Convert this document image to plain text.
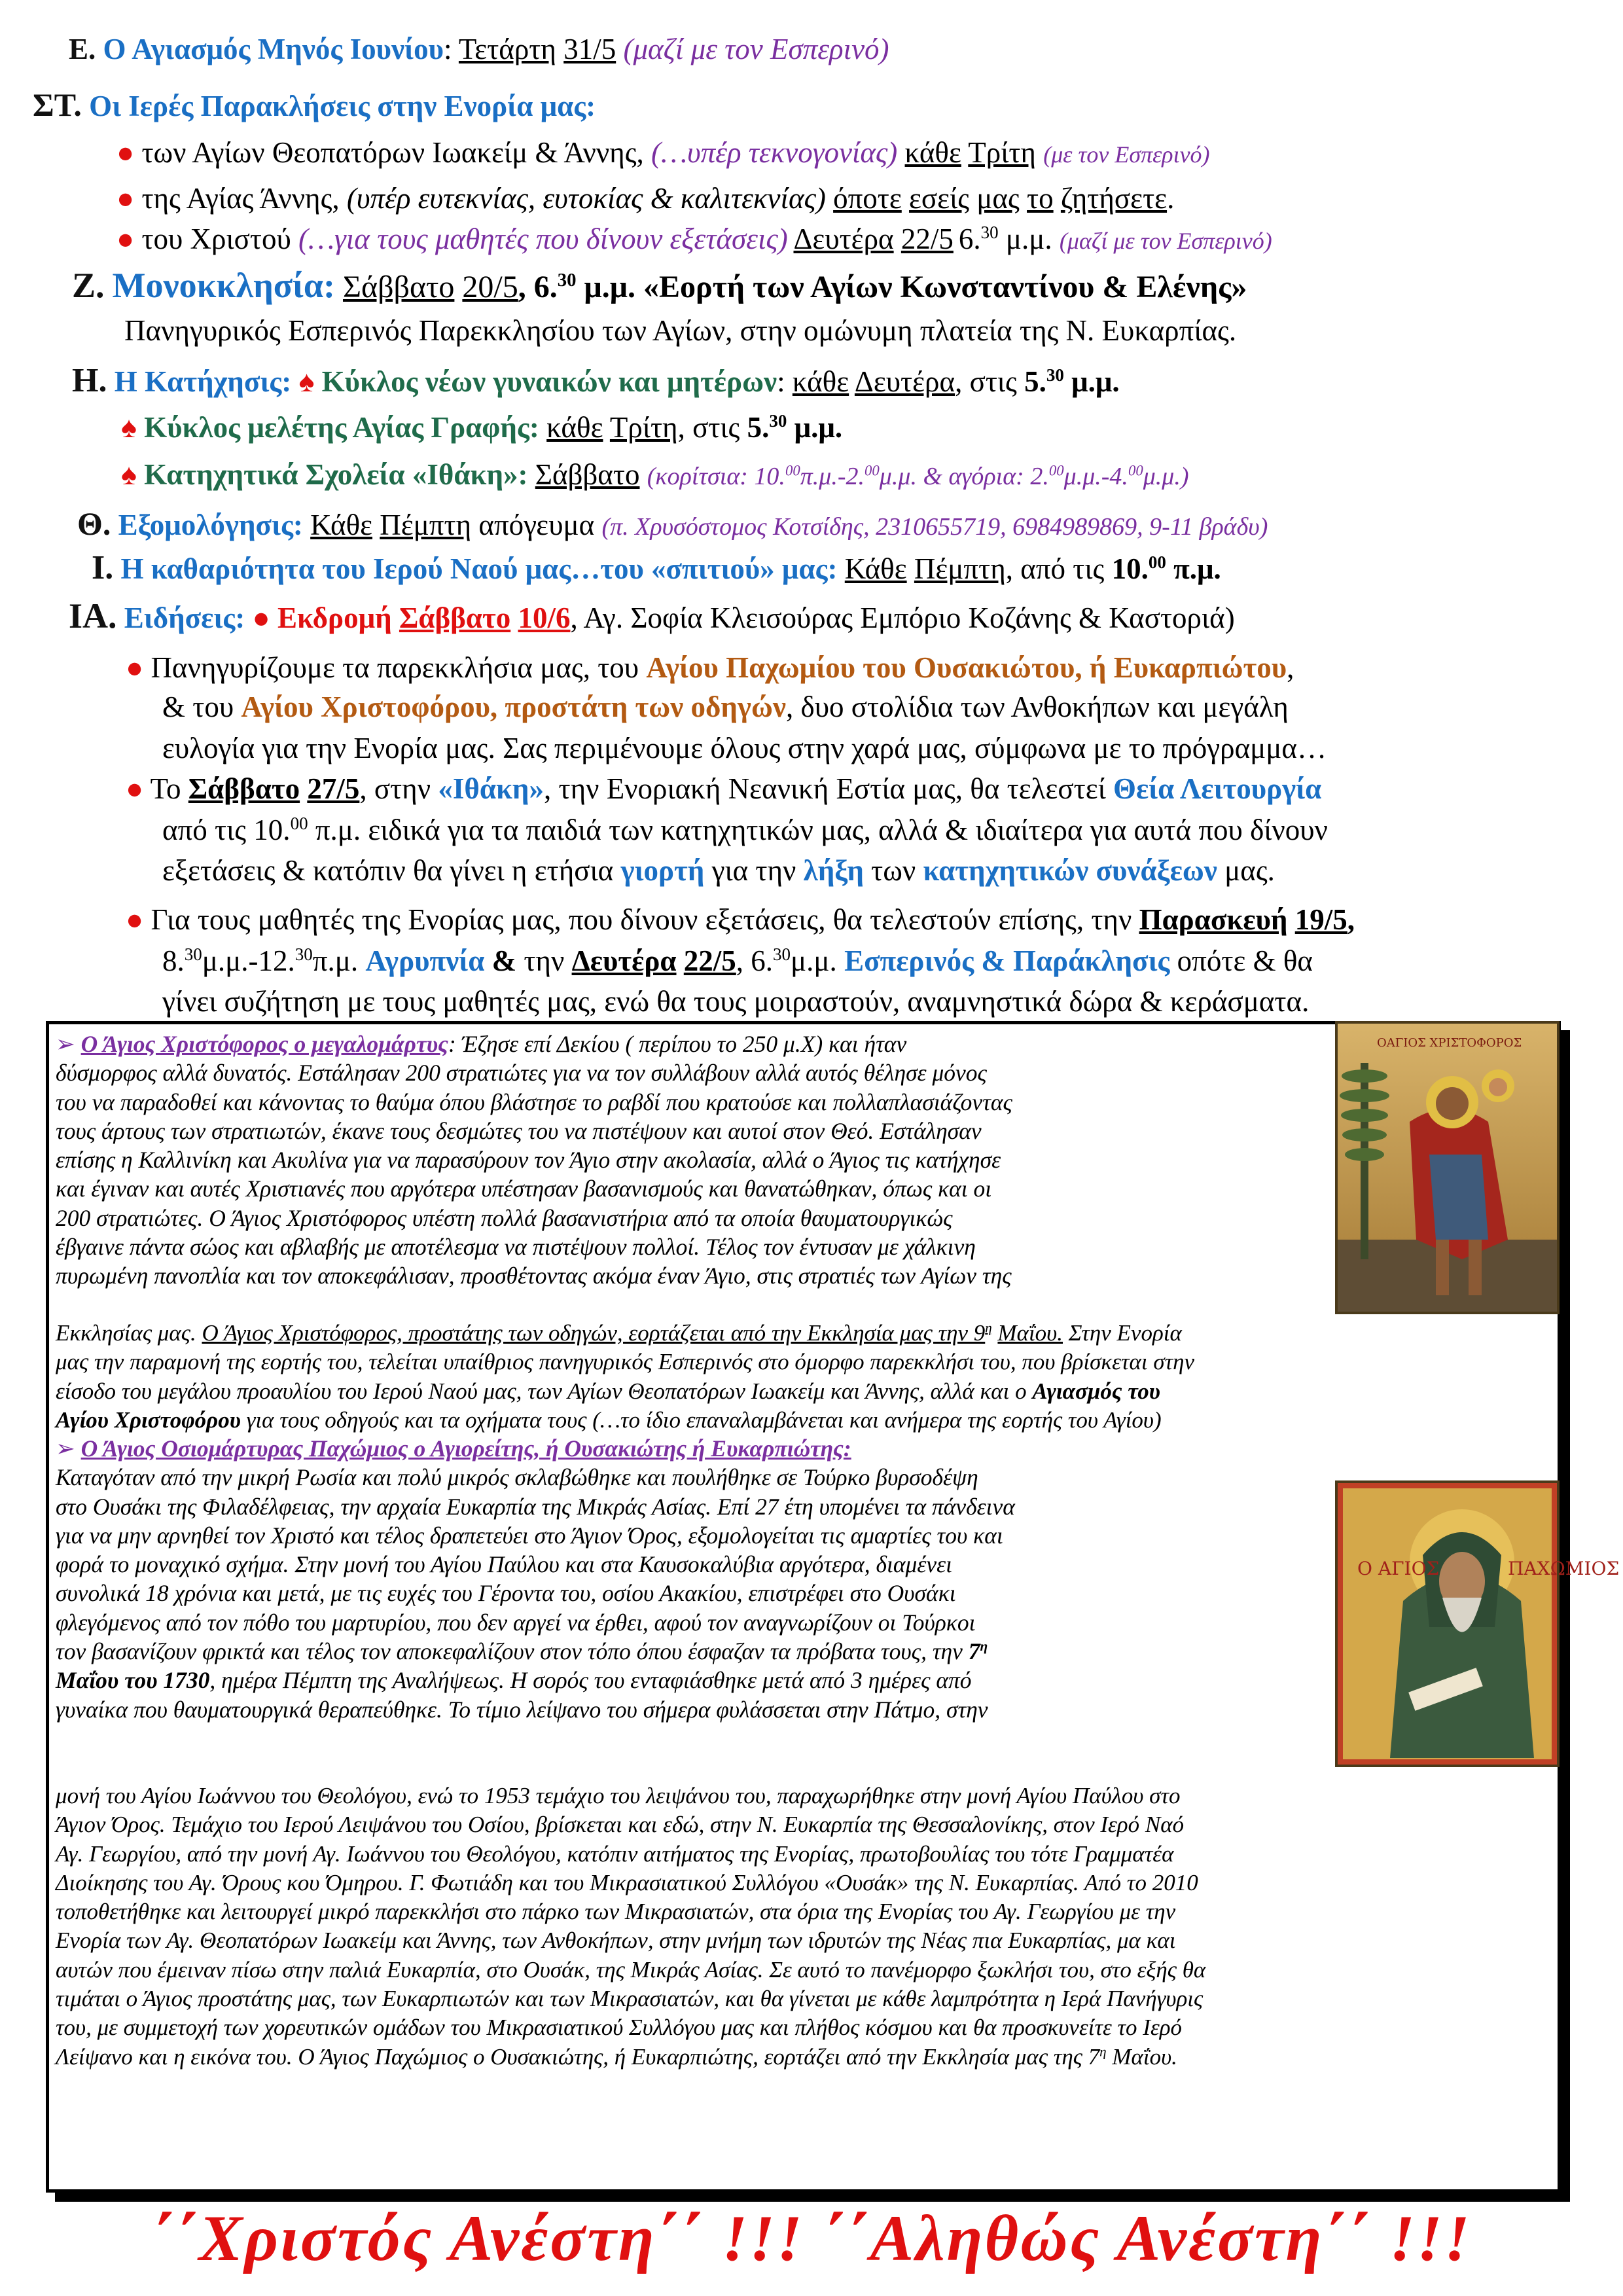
Ε. Ο Αγιασμός Μηνός Ιουνίου: Τετάρτη 31/5 (μαζί με τον Εσπερινό)
ΣΤ. Οι Ιερές Παρακλήσεις στην Ενορία μας:
● των Αγίων Θεοπατόρων Ιωακείμ & Άννης, (…υπέρ τεκνογονίας) κάθε Τρίτη (με τον Εσπερινό)
● της Αγίας Άννης, (υπέρ ευτεκνίας, ευτοκίας & καλιτεκνίας) όποτε εσείς μας το ζητήσετε.
● του Χριστού (…για τους μαθητές που δίνουν εξετάσεις) Δευτέρα 22/5 6.30 μ.μ. (μαζί με τον Εσπερινό)
Ζ. Μονοκκλησία: Σάββατο 20/5, 6.30 μ.μ. «Εορτή των Αγίων Κωνσταντίνου & Ελένης»
Πανηγυρικός Εσπερινός Παρεκκλησίου των Αγίων, στην ομώνυμη πλατεία της Ν. Ευκαρπίας.
Η. Η Κατήχησις: ♠ Κύκλος νέων γυναικών και μητέρων: κάθε Δευτέρα, στις 5.30 μ.μ.
♠ Κύκλος μελέτης Αγίας Γραφής: κάθε Τρίτη, στις 5.30 μ.μ.
♠ Κατηχητικά Σχολεία «Ιθάκη»: Σάββατο (κορίτσια: 10.00π.μ.-2.00μ.μ. & αγόρια: 2.00μ.μ.-4.00μ.μ.)
Θ. Εξομολόγησις: Κάθε Πέμπτη απόγευμα (π. Χρυσόστομος Κοτσίδης, 2310655719, 6984989869, 9-11 βράδυ)
Ι. Η καθαριότητα του Ιερού Ναού μας…του «σπιτιού» μας: Κάθε Πέμπτη, από τις 10.00 π.μ.
ΙΑ. Ειδήσεις: ● Εκδρομή Σάββατο 10/6, Αγ. Σοφία Κλεισούρας Εμπόριο Κοζάνης & Καστοριά)
● Πανηγυρίζουμε τα παρεκκλήσια μας, του Αγίου Παχωμίου του Ουσακιώτου, ή Ευκαρπιώτου,
& του Αγίου Χριστοφόρου, προστάτη των οδηγών, δυο στολίδια των Ανθοκήπων και μεγάλη
ευλογία για την Ενορία μας. Σας περιμένουμε όλους στην χαρά μας, σύμφωνα με το πρόγραμμα…
● Το Σάββατο 27/5, στην «Ιθάκη», την Ενοριακή Νεανική Εστία μας, θα τελεστεί Θεία Λειτουργία
από τις 10.00 π.μ. ειδικά για τα παιδιά των κατηχητικών μας, αλλά & ιδιαίτερα για αυτά που δίνουν
εξετάσεις & κατόπιν θα γίνει η ετήσια γιορτή για την λήξη των κατηχητικών συνάξεων μας.
● Για τους μαθητές της Ενορίας μας, που δίνουν εξετάσεις, θα τελεστούν επίσης, την Παρασκευή 19/5,
8.30μ.μ.-12.30π.μ. Αγρυπνία & την Δευτέρα 22/5, 6.30μ.μ. Εσπερινός & Παράκλησις οπότε & θα
γίνει συζήτηση με τους μαθητές μας, ενώ θα τους μοιραστούν, αναμνηστικά δώρα & κεράσματα.
ΟΑΓΙΟΣ ΧΡΙΣΤΟΦΟΡΟΣ
Ο ΑΓΙΟΣ	ΠΑΧΩΜΙΟΣ
➢ Ο Άγιος Χριστόφορος ο μεγαλομάρτυς: Έζησε επί Δεκίου ( περίπου το 250 μ.Χ) και ήταν
δύσμορφος αλλά δυνατός. Εστάλησαν 200 στρατιώτες για να τον συλλάβουν αλλά αυτός θέλησε μόνος
του να παραδοθεί και κάνοντας το θαύμα όπου βλάστησε το ραβδί που κρατούσε και πολλαπλασιάζοντας
τους άρτους των στρατιωτών, έκανε τους δεσμώτες του να πιστέψουν και αυτοί στον Θεό. Εστάλησαν
επίσης η Καλλινίκη και Ακυλίνα για να παρασύρουν τον Άγιο στην ακολασία, αλλά ο Άγιος τις κατήχησε
και έγιναν και αυτές Χριστιανές που αργότερα υπέστησαν βασανισμούς και θανατώθηκαν, όπως και οι
200 στρατιώτες. Ο Άγιος Χριστόφορος υπέστη πολλά βασανιστήρια από τα οποία θαυματουργικώς
έβγαινε πάντα σώος και αβλαβής με αποτέλεσμα να πιστέψουν πολλοί. Τέλος τον έντυσαν με χάλκινη
πυρωμένη πανοπλία και τον αποκεφάλισαν, προσθέτοντας ακόμα έναν Άγιο, στις στρατιές των Αγίων της
Εκκλησίας μας. Ο Άγιος Χριστόφορος, προστάτης των οδηγών, εορτάζεται από την Εκκλησία μας την $9^\eta$ Μαΐου. Στην Ενορία
μας την παραμονή της εορτής του, τελείται υπαίθριος πανηγυρικός Εσπερινός στο όμορφο παρεκκλήσι του, που βρίσκεται στην
είσοδο του μεγάλου προαυλίου του Ιερού Ναού μας, των Αγίων Θεοπατόρων Ιωακείμ και Άννης, αλλά και ο Αγιασμός του
Αγίου Χριστοφόρου για τους οδηγούς και τα οχήματα τους (…το ίδιο επαναλαμβάνεται και ανήμερα της εορτής του Αγίου)
➢ Ο Άγιος Οσιομάρτυρας Παχώμιος ο Αγιορείτης, ή Ουσακιώτης ή Ευκαρπιώτης:
Καταγόταν από την μικρή Ρωσία και πολύ μικρός σκλαβώθηκε και πουλήθηκε σε Τούρκο βυρσοδέψη
στο Ουσάκι της Φιλαδέλφειας, την αρχαία Ευκαρπία της Μικράς Ασίας. Επί 27 έτη υπομένει τα πάνδεινα
για να μην αρνηθεί τον Χριστό και τέλος δραπετεύει στο Άγιον Όρος, εξομολογείται τις αμαρτίες του και
φορά το μοναχικό σχήμα. Στην μονή του Αγίου Παύλου και στα Καυσοκαλύβια αργότερα, διαμένει
συνολικά 18 χρόνια και μετά, με τις ευχές του Γέροντα του, οσίου Ακακίου, επιστρέφει στο Ουσάκι
φλεγόμενος από τον πόθο του μαρτυρίου, που δεν αργεί να έρθει, αφού τον αναγνωρίζουν οι Τούρκοι
τον βασανίζουν φρικτά και τέλος τον αποκεφαλίζουν στον τόπο όπου έσφαζαν τα πρόβατα τους, την $7^\eta$
Μαΐου του 1730, ημέρα Πέμπτη της Αναλήψεως. Η σορός του ενταφιάσθηκε μετά από 3 ημέρες από
γυναίκα που θαυματουργικά θεραπεύθηκε. Το τίμιο λείψανο του σήμερα φυλάσσεται στην Πάτμο, στην
μονή του Αγίου Ιωάννου του Θεολόγου, ενώ το 1953 τεμάχιο του λειψάνου του, παραχωρήθηκε στην μονή Αγίου Παύλου στο
Άγιον Όρος. Τεμάχιο του Ιερού Λειψάνου του Οσίου, βρίσκεται και εδώ, στην Ν. Ευκαρπία της Θεσσαλονίκης, στον Ιερό Ναό
Αγ. Γεωργίου, από την μονή Αγ. Ιωάννου του Θεολόγου, κατόπιν αιτήματος της Ενορίας, πρωτοβουλίας του τότε Γραμματέα
Διοίκησης του Αγ. Όρους κου Όμηρου. Γ. Φωτιάδη και του Μικρασιατικού Συλλόγου «Ουσάκ» της Ν. Ευκαρπίας. Από το 2010
τοποθετήθηκε και λειτουργεί μικρό παρεκκλήσι στο πάρκο των Μικρασιατών, στα όρια της Ενορίας του Αγ. Γεωργίου με την
Ενορία των Αγ. Θεοπατόρων Ιωακείμ και Άννης, των Ανθοκήπων, στην μνήμη των ιδρυτών της Νέας πια Ευκαρπίας, μα και
αυτών που έμειναν πίσω στην παλιά Ευκαρπία, στο Ουσάκ, της Μικράς Ασίας. Σε αυτό το πανέμορφο ξωκλήσι του, στο εξής θα
τιμάται ο Άγιος προστάτης μας, των Ευκαρπιωτών και των Μικρασιατών, και θα γίνεται με κάθε λαμπρότητα η Ιερά Πανήγυρις
του, με συμμετοχή των χορευτικών ομάδων του Μικρασιατικού Συλλόγου μας και πλήθος κόσμου και θα προσκυνείτε το Ιερό
Λείψανο και η εικόνα του. Ο Άγιος Παχώμιος ο Ουσακιώτης, ή Ευκαρπιώτης, εορτάζει από την Εκκλησία μας της $7^\eta$ Μαΐου.
΄΄Χριστός Ανέστη΄΄ !!! ΄΄Αληθώς Ανέστη΄΄ !!!
